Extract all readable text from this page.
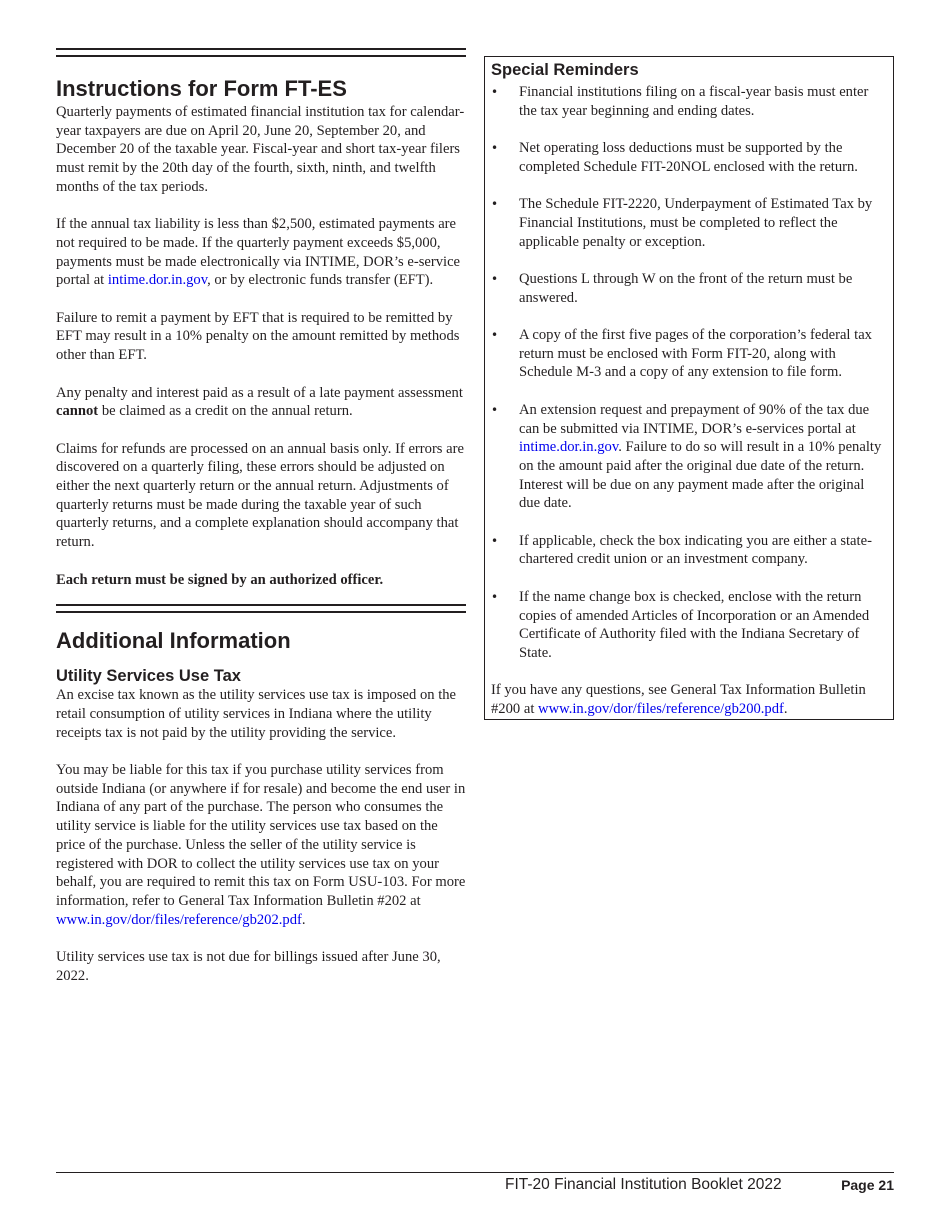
Instructions for Form FT-ES

Quarterly payments of estimated financial institution tax for calendar-year taxpayers are due on April 20, June 20, September 20, and December 20 of the taxable year. Fiscal-year and short tax-year filers must remit by the 20th day of the fourth, sixth, ninth, and twelfth months of the tax periods.

If the annual tax liability is less than $2,500, estimated payments are not required to be made. If the quarterly payment exceeds $5,000, payments must be made electronically via INTIME, DOR’s e-service portal at intime.dor.in.gov, or by electronic funds transfer (EFT).

Failure to remit a payment by EFT that is required to be remitted by EFT may result in a 10% penalty on the amount remitted by methods other than EFT.

Any penalty and interest paid as a result of a late payment assessment cannot be claimed as a credit on the annual return.

Claims for refunds are processed on an annual basis only. If errors are discovered on a quarterly filing, these errors should be adjusted on either the next quarterly return or the annual return. Adjustments of quarterly returns must be made during the taxable year of such quarterly returns, and a complete explanation should accompany that return.

Each return must be signed by an authorized officer.

Additional Information
Utility Services Use Tax

An excise tax known as the utility services use tax is imposed on the retail consumption of utility services in Indiana where the utility receipts tax is not paid by the utility providing the service.

You may be liable for this tax if you purchase utility services from outside Indiana (or anywhere if for resale) and become the end user in Indiana of any part of the purchase. The person who consumes the utility service is liable for the utility services use tax based on the price of the purchase. Unless the seller of the utility service is registered with DOR to collect the utility services use tax on your behalf, you are required to remit this tax on Form USU-103. For more information, refer to General Tax Information Bulletin #202 at www.in.gov/dor/files/reference/gb202.pdf.

Utility services use tax is not due for billings issued after June 30, 2022.

Special Reminders
• Financial institutions filing on a fiscal-year basis must enter the tax year beginning and ending dates.
• Net operating loss deductions must be supported by the completed Schedule FIT-20NOL enclosed with the return.
• The Schedule FIT-2220, Underpayment of Estimated Tax by Financial Institutions, must be completed to reflect the applicable penalty or exception.
• Questions L through W on the front of the return must be answered.
• A copy of the first five pages of the corporation’s federal tax return must be enclosed with Form FIT-20, along with Schedule M-3 and a copy of any extension to file form.
• An extension request and prepayment of 90% of the tax due can be submitted via INTIME, DOR’s e-services portal at intime.dor.in.gov. Failure to do so will result in a 10% penalty on the amount paid after the original due date of the return. Interest will be due on any payment made after the original due date.
• If applicable, check the box indicating you are either a state-chartered credit union or an investment company.
• If the name change box is checked, enclose with the return copies of amended Articles of Incorporation or an Amended Certificate of Authority filed with the Indiana Secretary of State.

If you have any questions, see General Tax Information Bulletin #200 at www.in.gov/dor/files/reference/gb200.pdf.

FIT-20 Financial Institution Booklet 2022	Page 21
